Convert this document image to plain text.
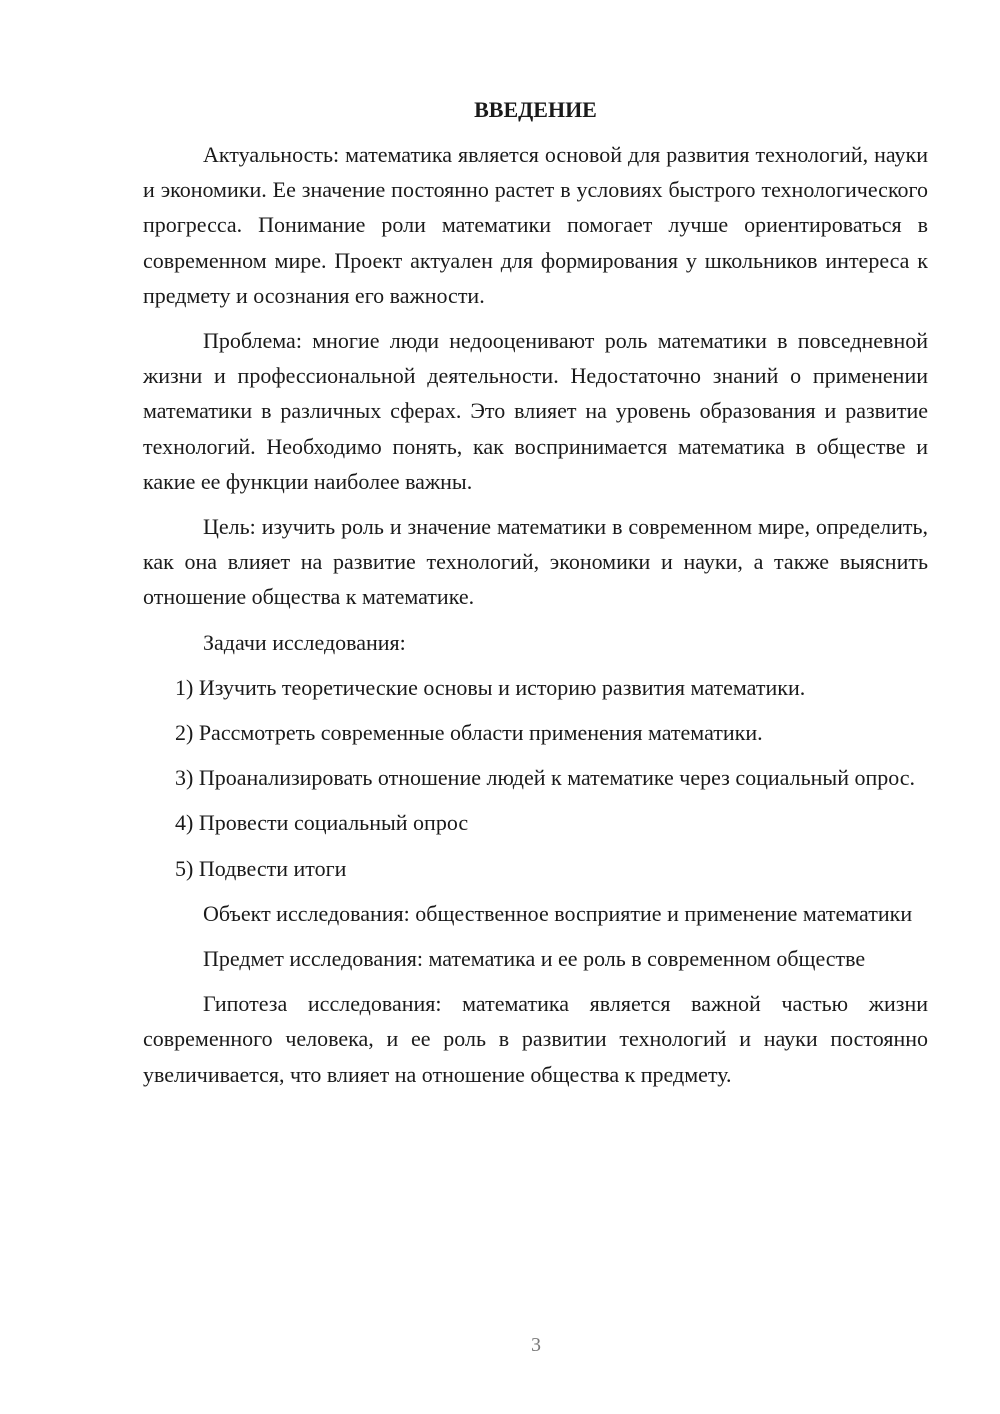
ВВЕДЕНИЕ

Актуальность: математика является основой для развития технологий, науки и экономики. Ее значение постоянно растет в условиях быстрого технологического прогресса. Понимание роли математики помогает лучше ориентироваться в современном мире. Проект актуален для формирования у школьников интереса к предмету и осознания его важности.

Проблема: многие люди недооценивают роль математики в повседневной жизни и профессиональной деятельности. Недостаточно знаний о применении математики в различных сферах. Это влияет на уровень образования и развитие технологий. Необходимо понять, как воспринимается математика в обществе и какие ее функции наиболее важны.

Цель: изучить роль и значение математики в современном мире, определить, как она влияет на развитие технологий, экономики и науки, а также выяснить отношение общества к математике.

Задачи исследования:

1) Изучить теоретические основы и историю развития математики.

2) Рассмотреть современные области применения математики.

3) Проанализировать отношение людей к математике через социальный опрос.

4) Провести социальный опрос

5) Подвести итоги

Объект исследования: общественное восприятие и применение математики

Предмет исследования: математика и ее роль в современном обществе

Гипотеза исследования: математика является важной частью жизни современного человека, и ее роль в развитии технологий и науки постоянно увеличивается, что влияет на отношение общества к предмету.

3
